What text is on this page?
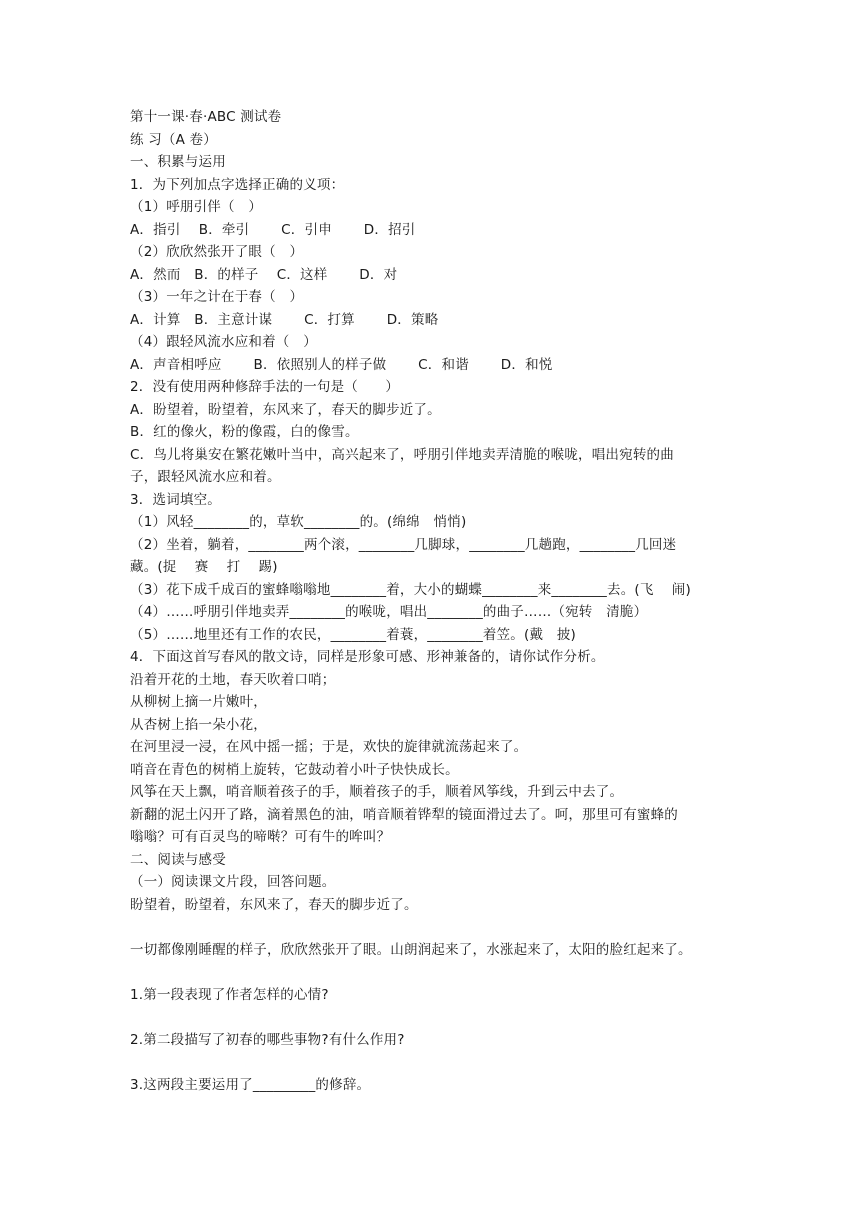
第十一课·春·ABC 测试卷
练 习（A 卷）
一、积累与运用
1．为下列加点字选择正确的义项：
（1）呼朋引伴（　）
A．指引　 B．牵引　　 C．引申　　 D．招引
（2）欣欣然张开了眼（　）
A．然而　B．的样子　 C．这样　　 D．对
（3）一年之计在于春（　）
A．计算　B．主意计谋　　 C．打算　　 D．策略
（4）跟轻风流水应和着（　）
A．声音相呼应　　 B．依照别人的样子做　　 C．和谐　　 D．和悦
2．没有使用两种修辞手法的一句是（　　）
A．盼望着，盼望着，东风来了，春天的脚步近了。
B．红的像火，粉的像霞，白的像雪。
C．鸟儿将巢安在繁花嫩叶当中，高兴起来了，呼朋引伴地卖弄清脆的喉咙，唱出宛转的曲
子，跟轻风流水应和着。
3．选词填空。
（1）风轻________的，草软________的。(绵绵　悄悄)
（2）坐着，躺着，________两个滚，________几脚球，________几趟跑，________几回迷
藏。(捉　 赛　 打　 踢)
（3）花下成千成百的蜜蜂嗡嗡地________着，大小的蝴蝶________来________去。(飞　 闹)
（4）……呼朋引伴地卖弄________的喉咙，唱出________的曲子……（宛转　清脆）
（5）……地里还有工作的农民，________着蓑，________着笠。(戴　披)
4．下面这首写春风的散文诗，同样是形象可感、形神兼备的，请你试作分析。
沿着开花的土地，春天吹着口哨；
从柳树上摘一片嫩叶，
从杏树上掐一朵小花，
在河里浸一浸，在风中摇一摇；于是，欢快的旋律就流荡起来了。
哨音在青色的树梢上旋转，它鼓动着小叶子快快成长。
风筝在天上飘，哨音顺着孩子的手，顺着孩子的手，顺着风筝线，升到云中去了。
新翻的泥土闪开了路，滴着黑色的油，哨音顺着铧犁的镜面滑过去了。呵，那里可有蜜蜂的
嗡嗡？可有百灵鸟的啼啭？可有牛的哞叫？
二、阅读与感受
（一）阅读课文片段，回答问题。
盼望着，盼望着，东风来了，春天的脚步近了。
一切都像刚睡醒的样子，欣欣然张开了眼。山朗润起来了，水涨起来了，太阳的脸红起来了。
1.第一段表现了作者怎样的心情?
2.第二段描写了初春的哪些事物?有什么作用?
3.这两段主要运用了_________的修辞。
